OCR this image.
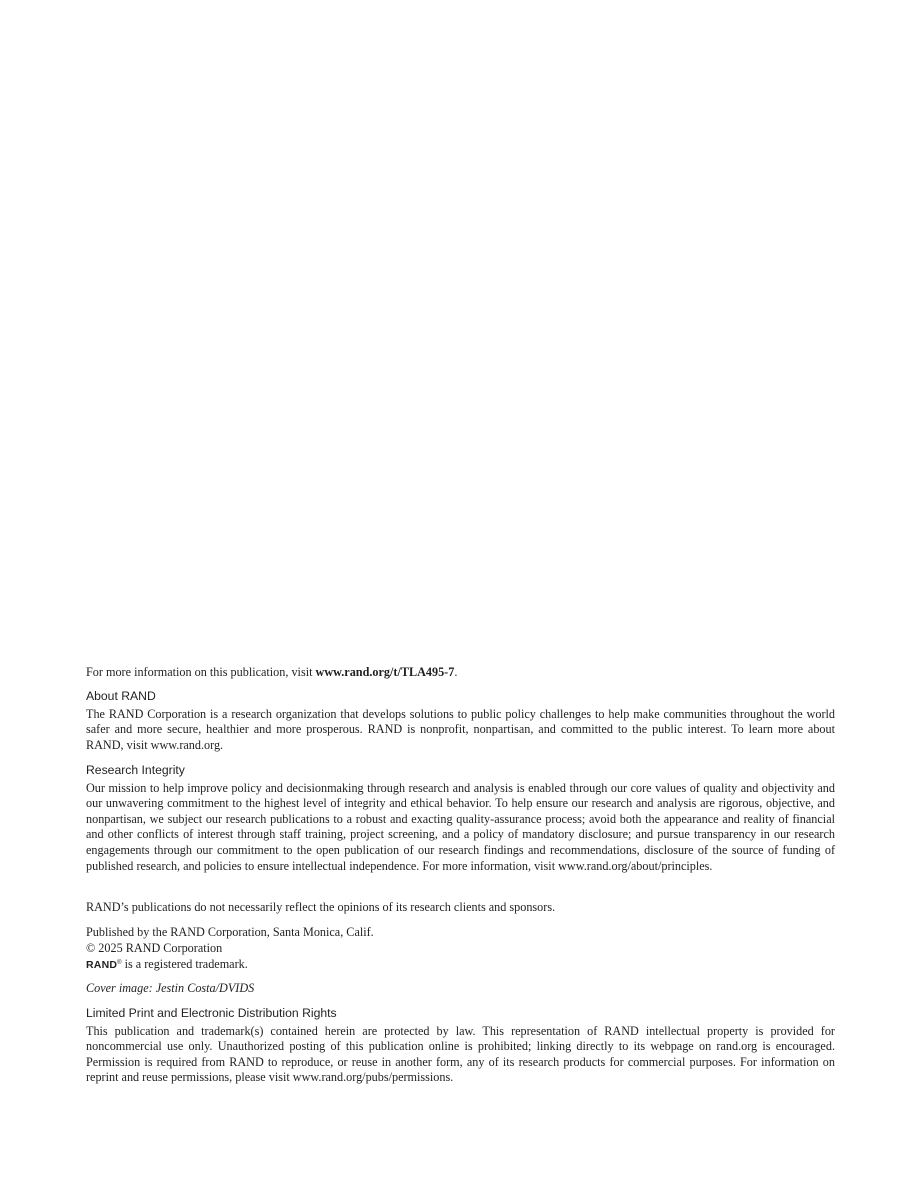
For more information on this publication, visit www.rand.org/t/TLA495-7.

About RAND

The RAND Corporation is a research organization that develops solutions to public policy challenges to help make communities throughout the world safer and more secure, healthier and more prosperous. RAND is nonprofit, nonpartisan, and committed to the public interest. To learn more about RAND, visit www.rand.org.

Research Integrity

Our mission to help improve policy and decisionmaking through research and analysis is enabled through our core values of quality and objectivity and our unwavering commitment to the highest level of integrity and ethical behavior. To help ensure our research and analysis are rigorous, objective, and nonpartisan, we subject our research publications to a robust and exacting quality-assurance process; avoid both the appearance and reality of financial and other conflicts of interest through staff training, project screening, and a policy of mandatory disclosure; and pursue transparency in our research engagements through our commitment to the open publication of our research findings and recommendations, disclosure of the source of funding of published research, and policies to ensure intellectual independence. For more information, visit www.rand.org/about/principles.

RAND’s publications do not necessarily reflect the opinions of its research clients and sponsors.

Published by the RAND Corporation, Santa Monica, Calif.
© 2025 RAND Corporation
RAND® is a registered trademark.

Cover image: Jestin Costa/DVIDS

Limited Print and Electronic Distribution Rights

This publication and trademark(s) contained herein are protected by law. This representation of RAND intellectual property is provided for noncommercial use only. Unauthorized posting of this publication online is prohibited; linking directly to its webpage on rand.org is encouraged. Permission is required from RAND to reproduce, or reuse in another form, any of its research products for commercial purposes. For information on reprint and reuse permissions, please visit www.rand.org/pubs/permissions.
